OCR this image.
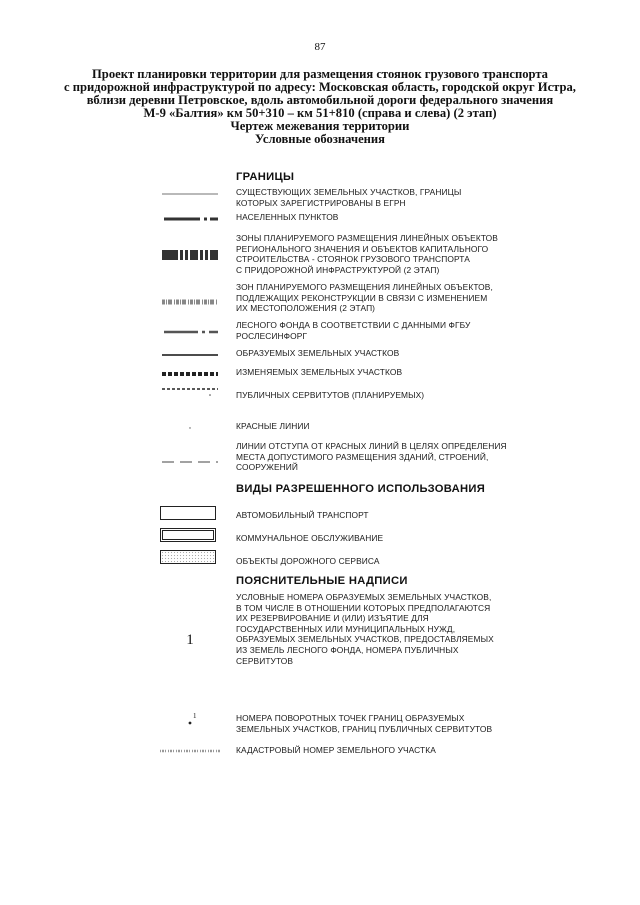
87
Проект планировки территории для размещения стоянок грузового транспорта
с придорожной инфраструктурой по адресу: Московская область, городской округ Истра,
вблизи деревни Петровское, вдоль автомобильной дороги федерального значения
М-9 «Балтия» км 50+310 – км 51+810 (справа и слева) (2 этап)
Чертеж межевания территории
Условные обозначения
ГРАНИЦЫ
СУЩЕСТВУЮЩИХ ЗЕМЕЛЬНЫХ УЧАСТКОВ, ГРАНИЦЫ
КОТОРЫХ ЗАРЕГИСТРИРОВАНЫ В ЕГРН
НАСЕЛЕННЫХ ПУНКТОВ
ЗОНЫ ПЛАНИРУЕМОГО РАЗМЕЩЕНИЯ ЛИНЕЙНЫХ ОБЪЕКТОВ
РЕГИОНАЛЬНОГО ЗНАЧЕНИЯ И ОБЪЕКТОВ КАПИТАЛЬНОГО
СТРОИТЕЛЬСТВА - СТОЯНОК ГРУЗОВОГО ТРАНСПОРТА
С ПРИДОРОЖНОЙ ИНФРАСТРУКТУРОЙ (2 ЭТАП)
ЗОН ПЛАНИРУЕМОГО РАЗМЕЩЕНИЯ ЛИНЕЙНЫХ ОБЪЕКТОВ,
ПОДЛЕЖАЩИХ РЕКОНСТРУКЦИИ В СВЯЗИ С ИЗМЕНЕНИЕМ
ИХ МЕСТОПОЛОЖЕНИЯ (2 ЭТАП)
ЛЕСНОГО ФОНДА В СООТВЕТСТВИИ С ДАННЫМИ ФГБУ
РОСЛЕСИНФОРГ
ОБРАЗУЕМЫХ ЗЕМЕЛЬНЫХ УЧАСТКОВ
ИЗМЕНЯЕМЫХ ЗЕМЕЛЬНЫХ УЧАСТКОВ
ПУБЛИЧНЫХ СЕРВИТУТОВ (ПЛАНИРУЕМЫХ)
КРАСНЫЕ ЛИНИИ
ЛИНИИ ОТСТУПА ОТ КРАСНЫХ ЛИНИЙ В ЦЕЛЯХ ОПРЕДЕЛЕНИЯ
МЕСТА ДОПУСТИМОГО РАЗМЕЩЕНИЯ ЗДАНИЙ, СТРОЕНИЙ,
СООРУЖЕНИЙ
ВИДЫ РАЗРЕШЕННОГО ИСПОЛЬЗОВАНИЯ
АВТОМОБИЛЬНЫЙ ТРАНСПОРТ
КОММУНАЛЬНОЕ ОБСЛУЖИВАНИЕ
ОБЪЕКТЫ ДОРОЖНОГО СЕРВИСА
ПОЯСНИТЕЛЬНЫЕ НАДПИСИ
1
УСЛОВНЫЕ НОМЕРА ОБРАЗУЕМЫХ ЗЕМЕЛЬНЫХ УЧАСТКОВ,
В ТОМ ЧИСЛЕ В ОТНОШЕНИИ КОТОРЫХ ПРЕДПОЛАГАЮТСЯ
ИХ РЕЗЕРВИРОВАНИЕ И (ИЛИ) ИЗЪЯТИЕ ДЛЯ
ГОСУДАРСТВЕННЫХ ИЛИ МУНИЦИПАЛЬНЫХ НУЖД,
ОБРАЗУЕМЫХ ЗЕМЕЛЬНЫХ УЧАСТКОВ, ПРЕДОСТАВЛЯЕМЫХ
ИЗ ЗЕМЕЛЬ ЛЕСНОГО ФОНДА, НОМЕРА ПУБЛИЧНЫХ
СЕРВИТУТОВ
1	НОМЕРА ПОВОРОТНЫХ ТОЧЕК ГРАНИЦ ОБРАЗУЕМЫХ
ЗЕМЕЛЬНЫХ УЧАСТКОВ, ГРАНИЦ ПУБЛИЧНЫХ СЕРВИТУТОВ
КАДАСТРОВЫЙ НОМЕР ЗЕМЕЛЬНОГО УЧАСТКА
